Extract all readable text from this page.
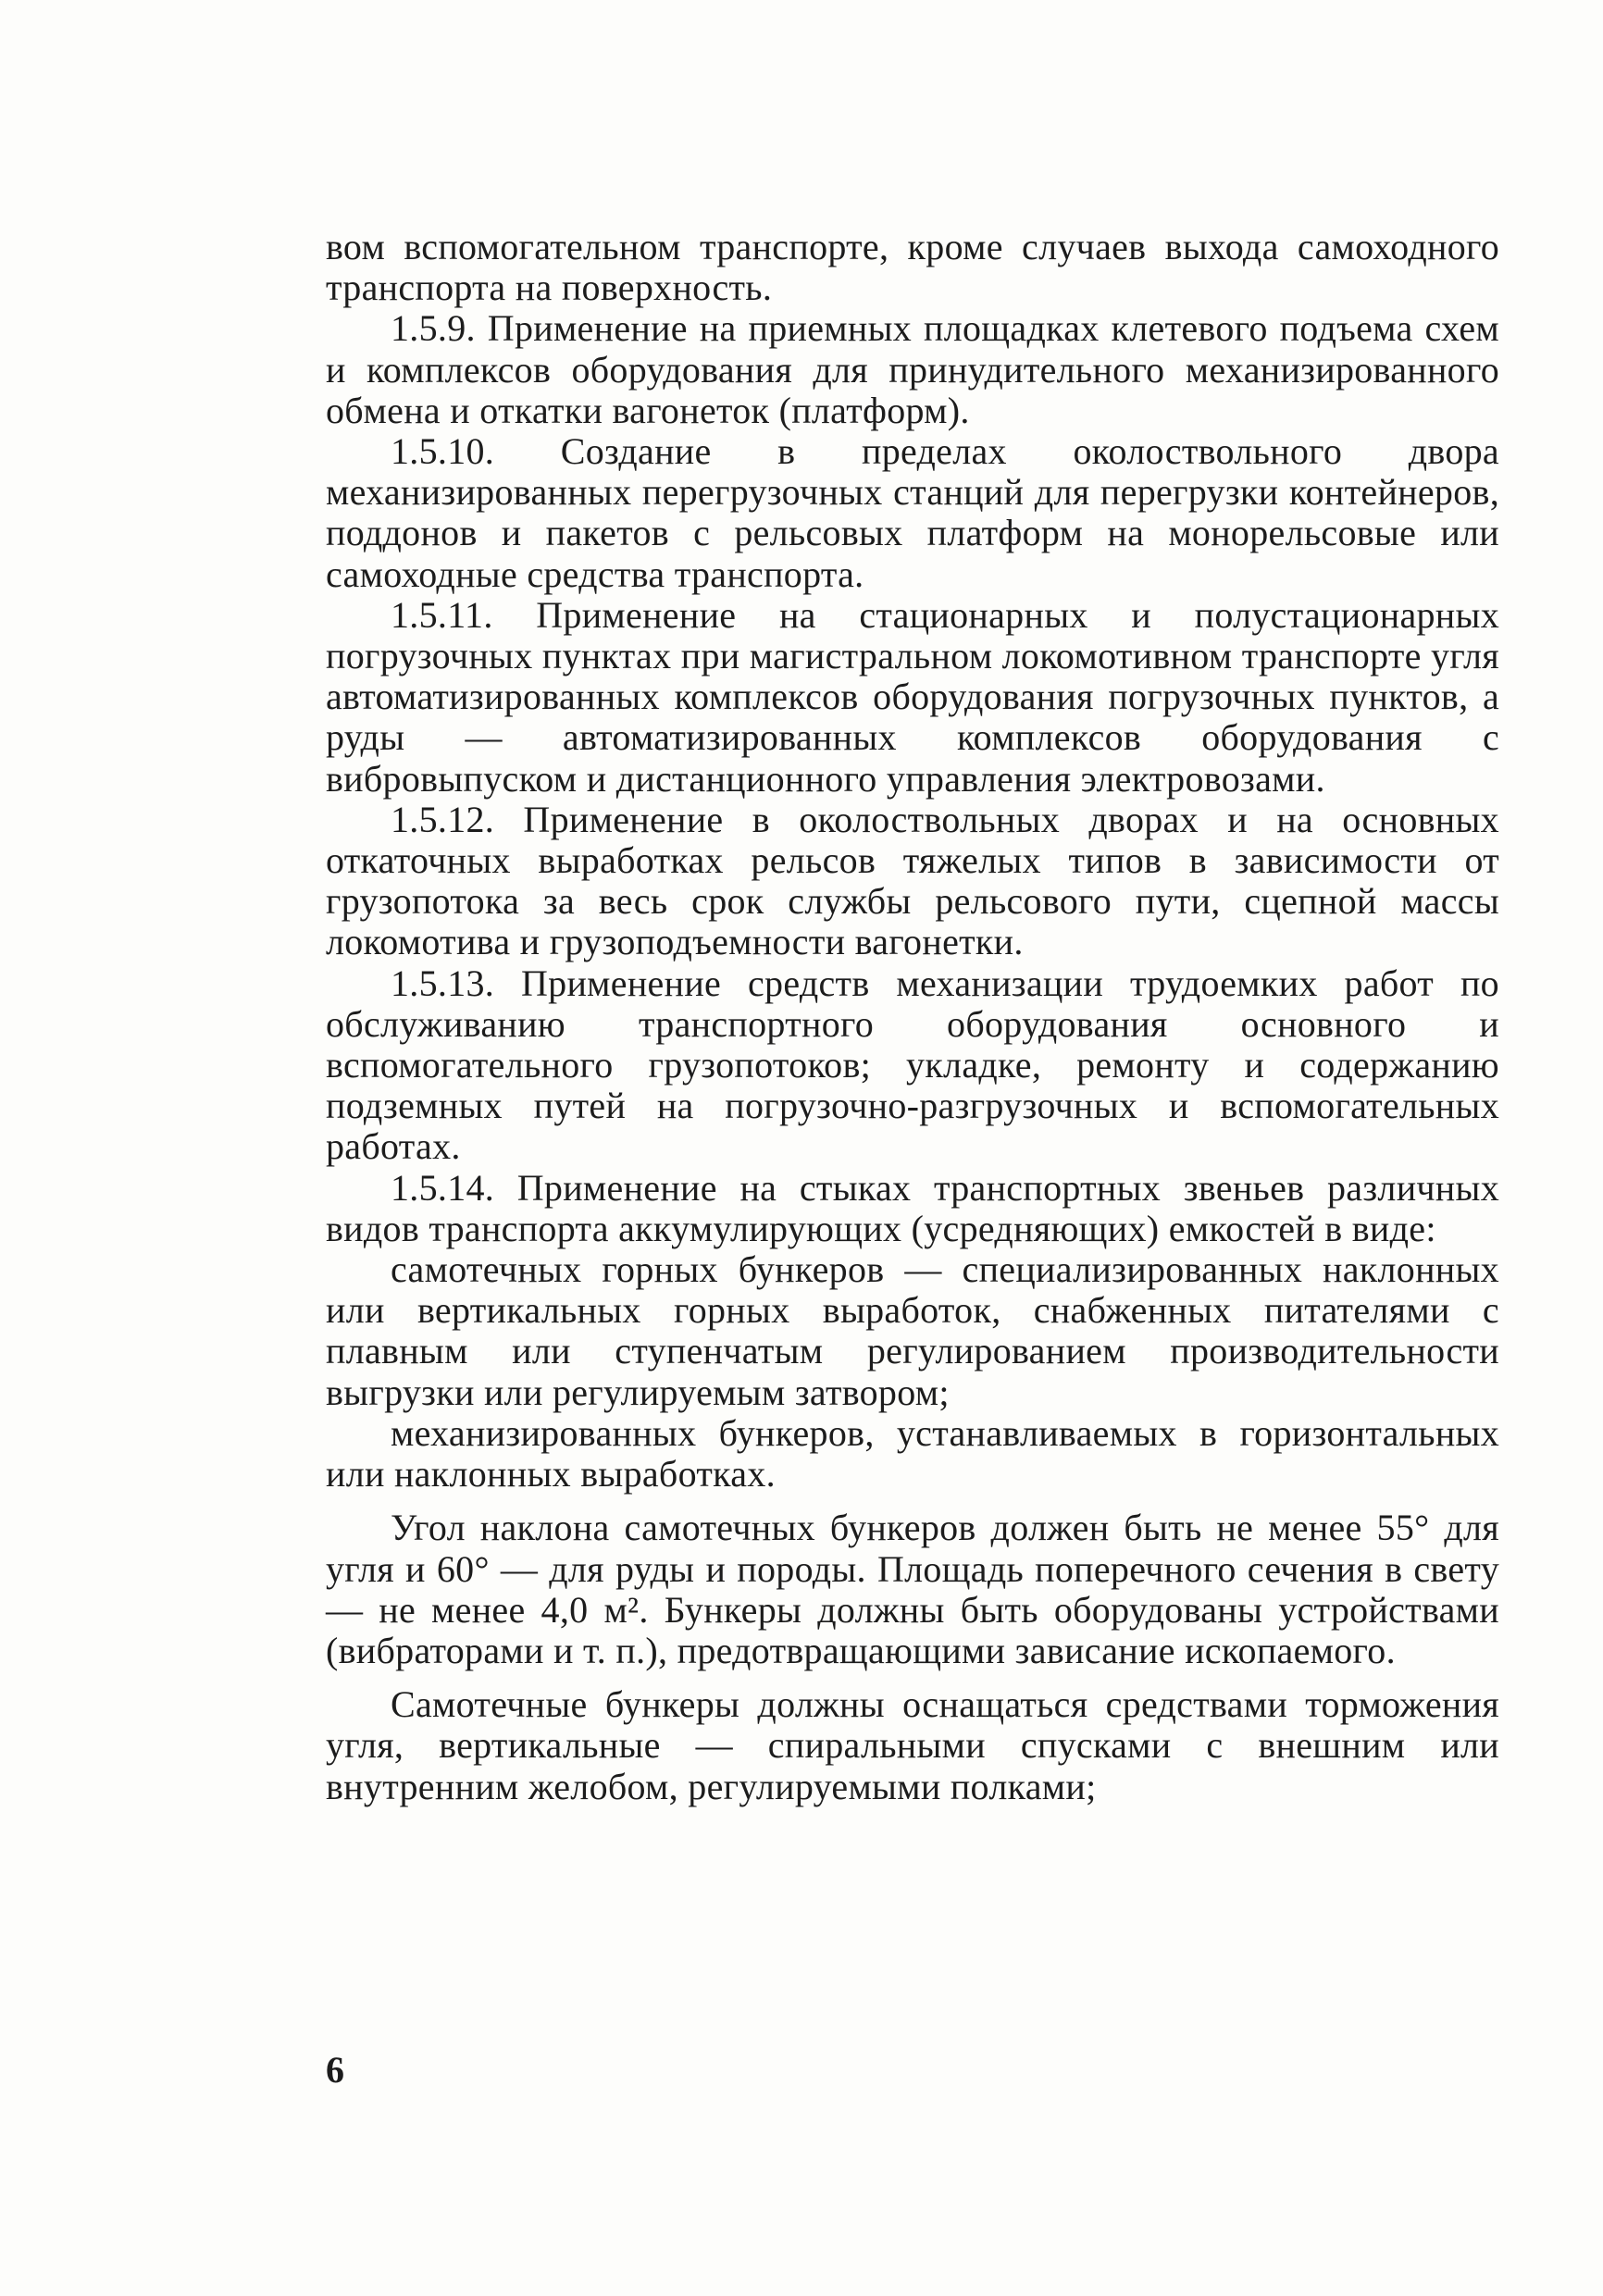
вом вспомогательном транспорте, кроме случаев выхода самоходного транспорта на поверхность.

1.5.9. Применение на приемных площадках клетевого подъема схем и комплексов оборудования для принудительного механизированного обмена и откатки вагонеток (платформ).

1.5.10. Создание в пределах околоствольного двора механизированных перегрузочных станций для перегрузки контейнеров, поддонов и пакетов с рельсовых платформ на монорельсовые или самоходные средства транспорта.

1.5.11. Применение на стационарных и полустационарных погрузочных пунктах при магистральном локомотивном транспорте угля автоматизированных комплексов оборудования погрузочных пунктов, а руды — автоматизированных комплексов оборудования с вибровыпуском и дистанционного управления электровозами.

1.5.12. Применение в околоствольных дворах и на основных откаточных выработках рельсов тяжелых типов в зависимости от грузопотока за весь срок службы рельсового пути, сцепной массы локомотива и грузоподъемности вагонетки.

1.5.13. Применение средств механизации трудоемких работ по обслуживанию транспортного оборудования основного и вспомогательного грузопотоков; укладке, ремонту и содержанию подземных путей на погрузочно-разгрузочных и вспомогательных работах.

1.5.14. Применение на стыках транспортных звеньев различных видов транспорта аккумулирующих (усредняющих) емкостей в виде:

самотечных горных бункеров — специализированных наклонных или вертикальных горных выработок, снабженных питателями с плавным или ступенчатым регулированием производительности выгрузки или регулируемым затвором;

механизированных бункеров, устанавливаемых в горизонтальных или наклонных выработках.

Угол наклона самотечных бункеров должен быть не менее 55° для угля и 60° — для руды и породы. Площадь поперечного сечения в свету — не менее 4,0 м². Бункеры должны быть оборудованы устройствами (вибраторами и т. п.), предотвращающими зависание ископаемого.

Самотечные бункеры должны оснащаться средствами торможения угля, вертикальные — спиральными спусками с внешним или внутренним желобом, регулируемыми полками;

6
